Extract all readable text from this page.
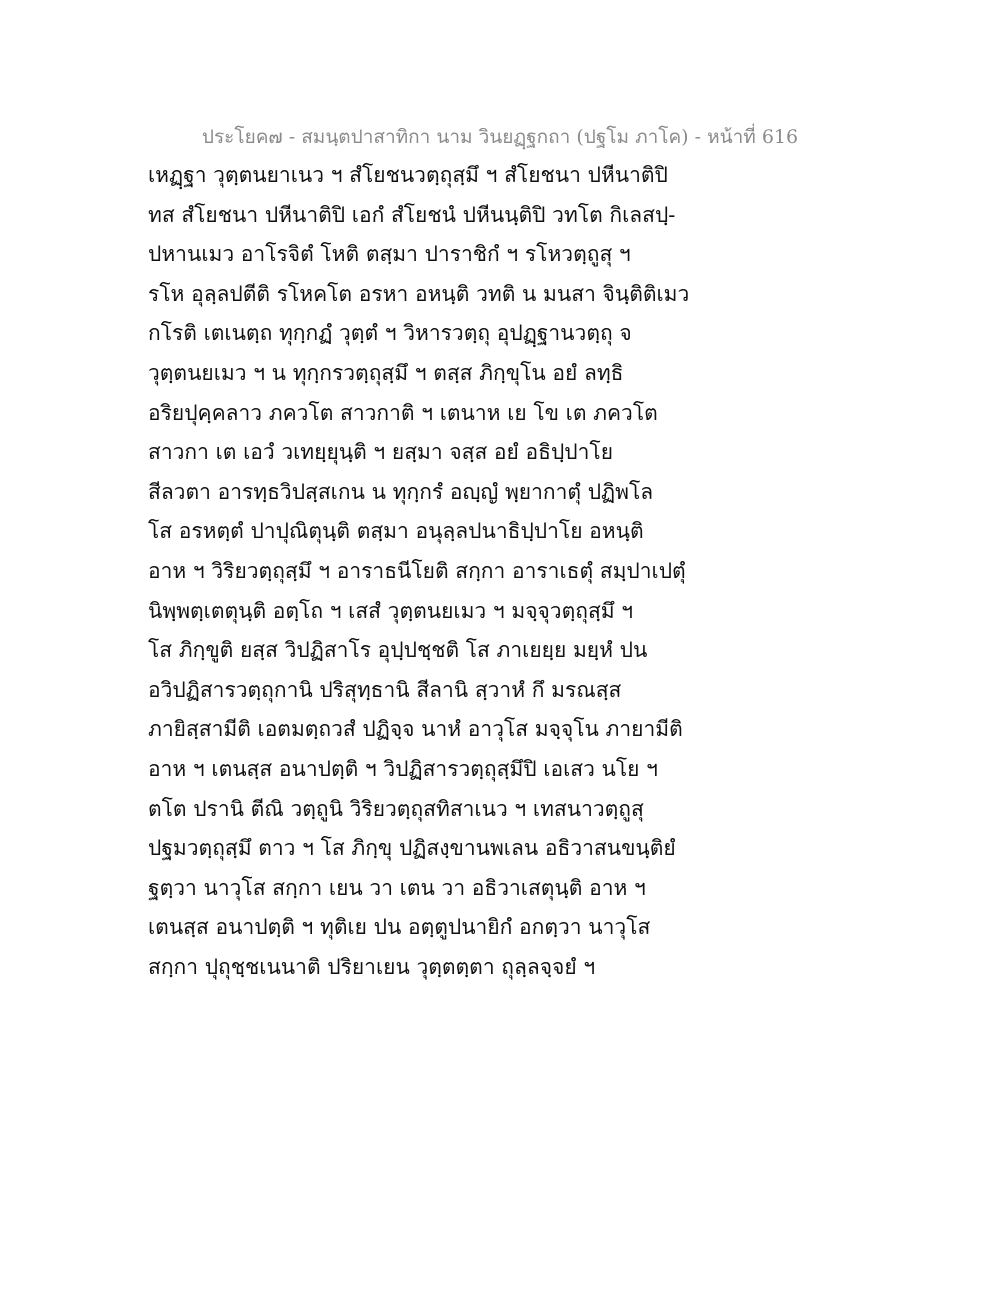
ประโยค๗ - สมนฺตปาสาทิกา นาม วินยฏฺฐกถา (ปฐโม ภาโค) - หน้าที่ 616
เหฏฺฐา วุตฺตนยาเนว ฯ สํโยชนวตฺถุสฺมึ ฯ สํโยชนา ปหีนาติปิ
ทส สํโยชนา ปหีนาติปิ เอกํ สํโยชนํ ปหีนนฺติปิ วทโต กิเลสปฺ-
ปหานเมว อาโรจิตํ โหติ ตสฺมา ปาราชิกํ ฯ รโหวตฺถูสุ ฯ
รโห อุลฺลปตีติ รโหคโต อรหา อหนฺติ วทติ น มนสา จินฺติติเมว
กโรติ เตเนตฺถ ทุกฺกฏํ วุตฺตํ ฯ วิหารวตฺถุ อุปฏฺฐานวตฺถุ จ
วุตฺตนยเมว ฯ น ทุกฺกรวตฺถุสฺมึ ฯ ตสฺส ภิกฺขุโน อยํ ลทฺธิ
อริยปุคฺคลาว ภควโต สาวกาติ ฯ เตนาห เย โข เต ภควโต
สาวกา เต เอวํ วเทยฺยุนฺติ ฯ ยสฺมา จสฺส อยํ อธิปฺปาโย
สีลวตา อารทฺธวิปสฺสเกน น ทุกฺกรํ อญฺญํ พฺยากาตุํ ปฏิพโล
โส อรหตฺตํ ปาปุณิตุนฺติ ตสฺมา อนุลฺลปนาธิปฺปาโย อหนฺติ
อาห ฯ วิริยวตฺถุสฺมึ ฯ อาราธนีโยติ สกฺกา อาราเธตุํ สมฺปาเปตุํ
นิพฺพตฺเตตุนฺติ อตฺโถ ฯ เสสํ วุตฺตนยเมว ฯ มจฺจุวตฺถุสฺมึ ฯ
โส ภิกฺขูติ ยสฺส วิปฏิสาโร อุปฺปชฺชติ โส ภาเยยฺย มยฺหํ ปน
อวิปฏิสารวตฺถุกานิ ปริสุทฺธานิ สีลานิ สฺวาหํ กึ มรณสฺส
ภายิสฺสามีติ เอตมตฺถวสํ ปฏิจฺจ นาหํ อาวุโส มจฺจุโน ภายามีติ
อาห ฯ เตนสฺส อนาปตฺติ ฯ วิปฏิสารวตฺถุสฺมึปิ เอเสว นโย ฯ
ตโต ปรานิ ตีณิ วตฺถูนิ วิริยวตฺถุสทิสาเนว ฯ เทสนาวตฺถูสุ
ปฐมวตฺถุสฺมึ ตาว ฯ โส ภิกฺขุ ปฏิสงฺขานพเลน อธิวาสนขนฺติยํ
ฐตฺวา นาวุโส สกฺกา เยน วา เตน วา อธิวาเสตุนฺติ อาห ฯ
เตนสฺส อนาปตฺติ ฯ ทุติเย ปน อตฺตูปนายิกํ อกตฺวา นาวุโส
สกฺกา ปุถุชฺชเนนาติ ปริยาเยน วุตฺตตฺตา ถุลฺลจฺจยํ ฯ
